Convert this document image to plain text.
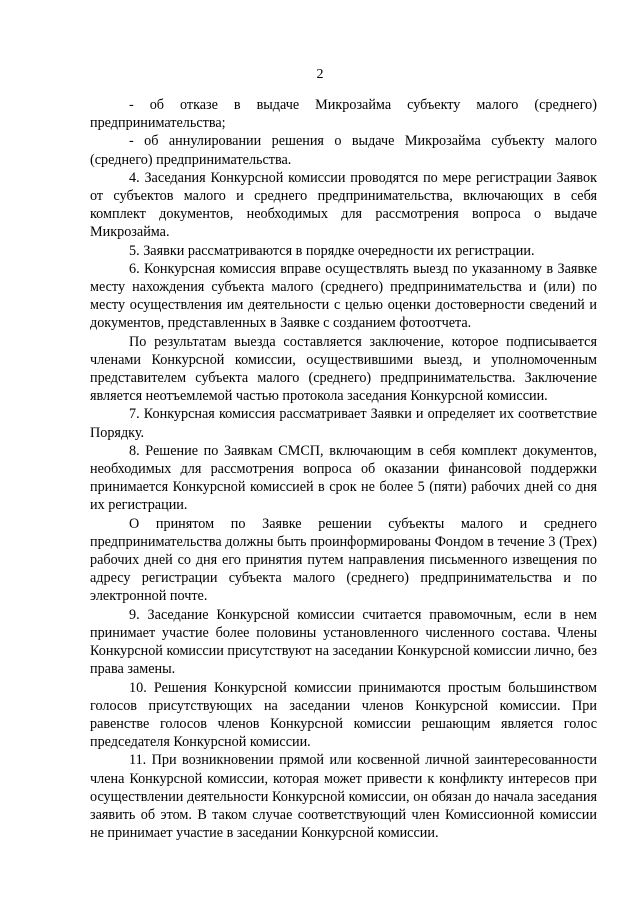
2

- об отказе в выдаче Микрозайма субъекту малого (среднего) предпринимательства;

- об аннулировании решения о выдаче Микрозайма субъекту малого (среднего) предпринимательства.

4. Заседания Конкурсной комиссии проводятся по мере регистрации Заявок от субъектов малого и среднего предпринимательства, включающих в себя комплект документов, необходимых для рассмотрения вопроса о выдаче Микрозайма.

5. Заявки рассматриваются в порядке очередности их регистрации.

6. Конкурсная комиссия вправе осуществлять выезд по указанному в Заявке месту нахождения субъекта малого (среднего) предпринимательства и (или) по месту осуществления им деятельности с целью оценки достоверности сведений и документов, представленных в Заявке с созданием фотоотчета.

По результатам выезда составляется заключение, которое подписывается членами Конкурсной комиссии, осуществившими выезд, и уполномоченным представителем субъекта малого (среднего) предпринимательства. Заключение является неотъемлемой частью протокола заседания Конкурсной комиссии.

7. Конкурсная комиссия рассматривает Заявки и определяет их соответствие Порядку.

8. Решение по Заявкам СМСП, включающим в себя комплект документов, необходимых для рассмотрения вопроса об оказании финансовой поддержки принимается Конкурсной комиссией в срок не более 5 (пяти) рабочих дней со дня их регистрации.

О принятом по Заявке решении субъекты малого и среднего предпринимательства должны быть проинформированы Фондом в течение 3 (Трех) рабочих дней со дня его принятия путем направления письменного извещения по адресу регистрации субъекта малого (среднего) предпринимательства и по электронной почте.

9. Заседание Конкурсной комиссии считается правомочным, если в нем принимает участие более половины установленного численного состава. Члены Конкурсной комиссии присутствуют на заседании Конкурсной комиссии лично, без права замены.

10. Решения Конкурсной комиссии принимаются простым большинством голосов присутствующих на заседании членов Конкурсной комиссии. При равенстве голосов членов Конкурсной комиссии решающим является голос председателя Конкурсной комиссии.

11. При возникновении прямой или косвенной личной заинтересованности члена Конкурсной комиссии, которая может привести к конфликту интересов при осуществлении деятельности Конкурсной комиссии, он обязан до начала заседания заявить об этом. В таком случае соответствующий член Комиссионной комиссии не принимает участие в заседании Конкурсной комиссии.
